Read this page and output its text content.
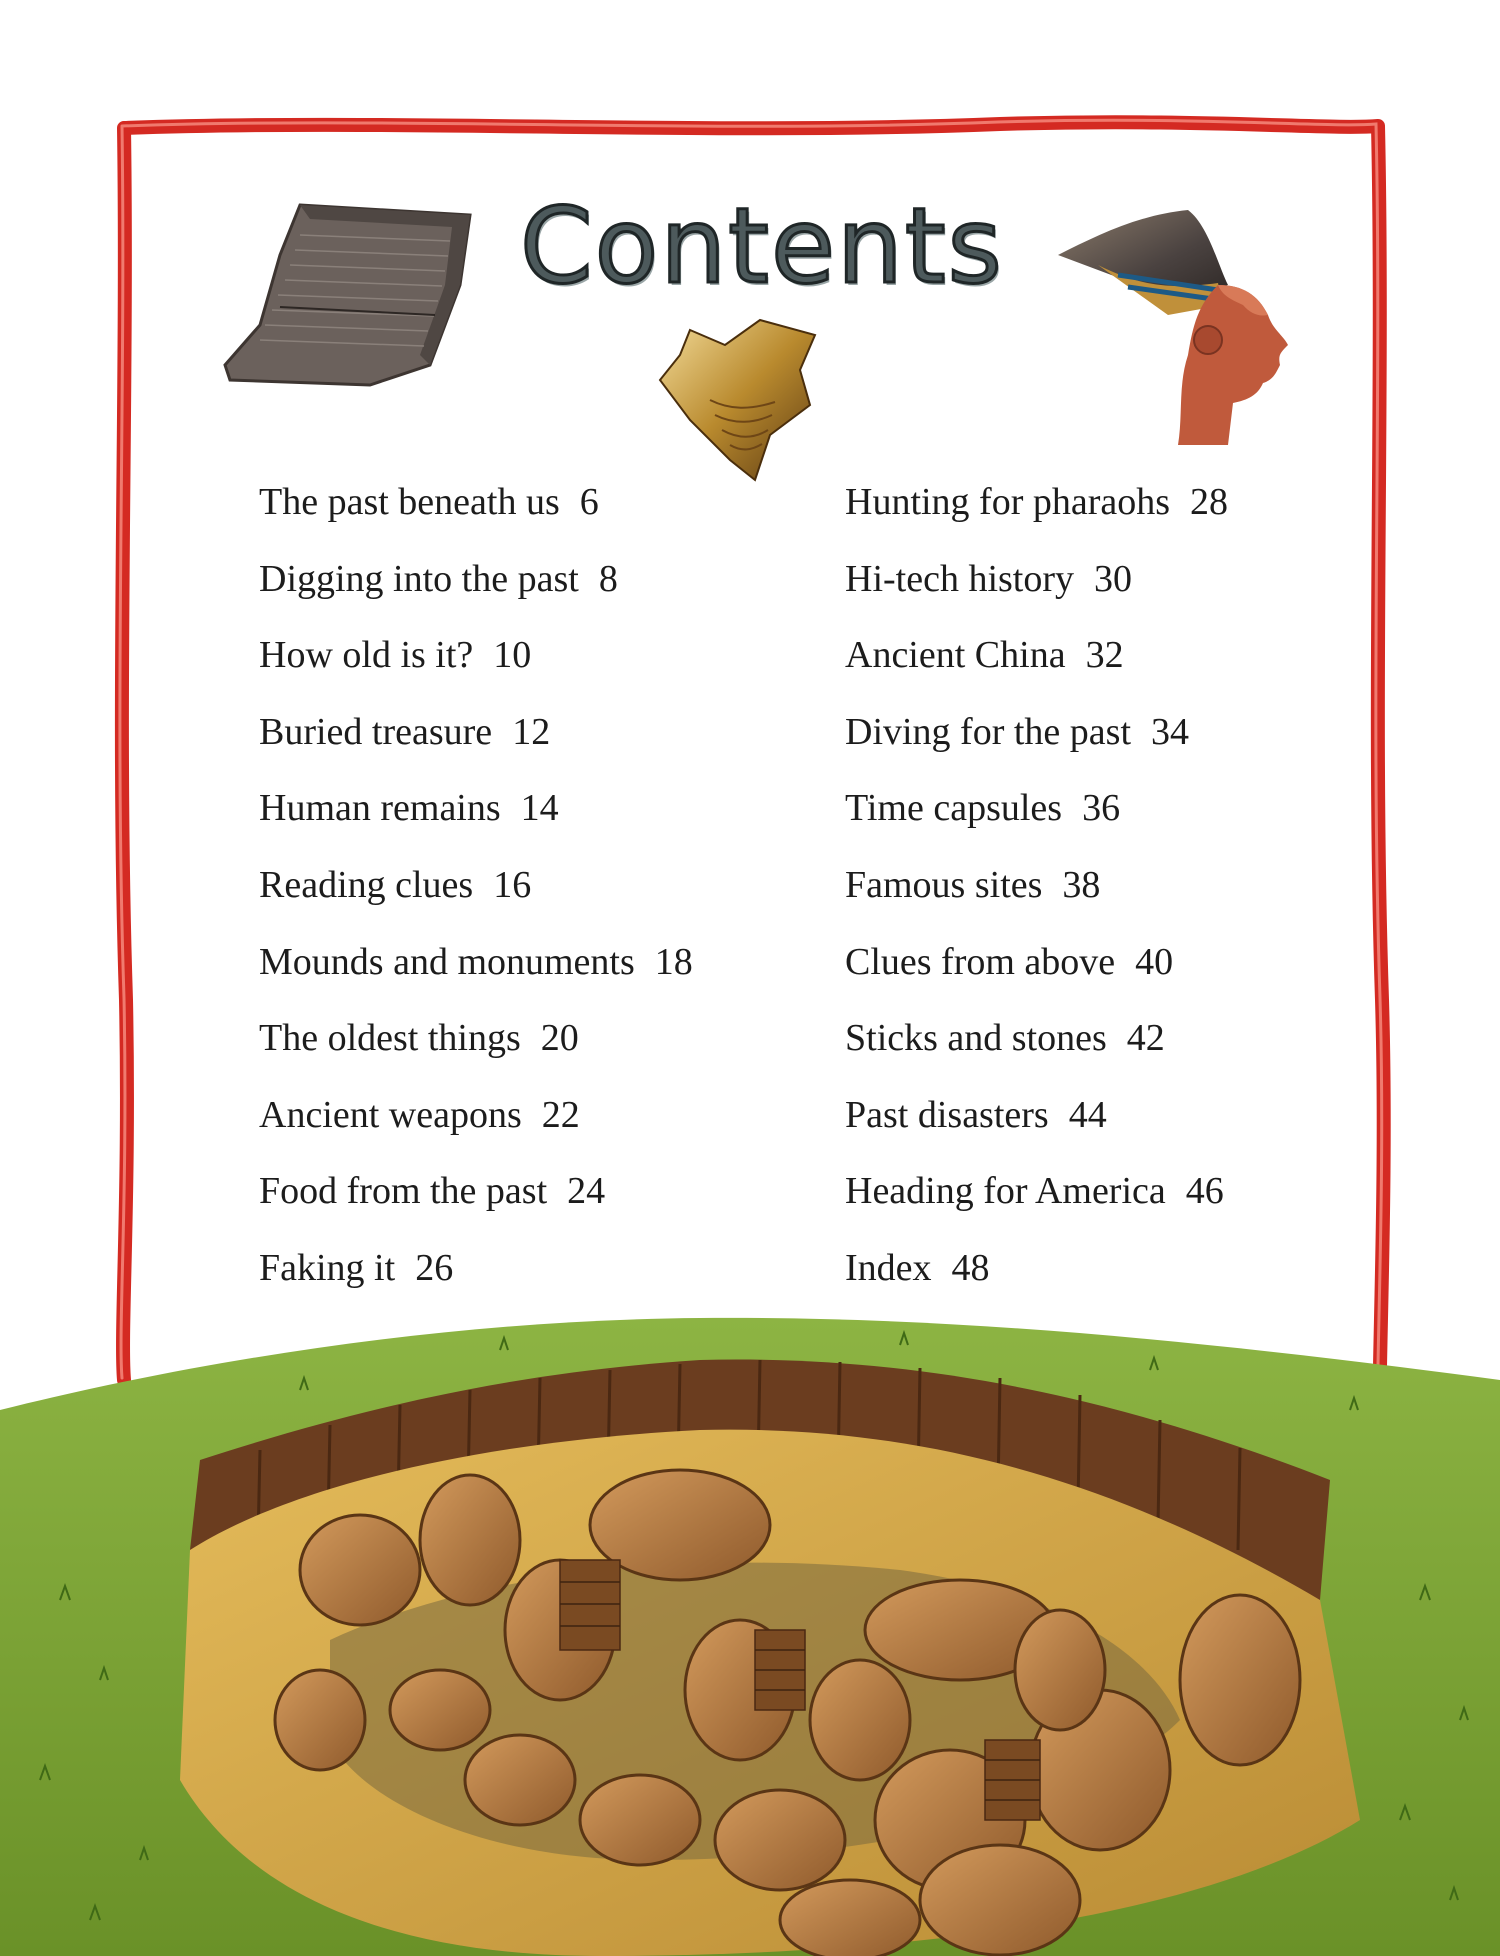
Contents
The past beneath us 6
Digging into the past 8
How old is it? 10
Buried treasure 12
Human remains 14
Reading clues 16
Mounds and monuments 18
The oldest things 20
Ancient weapons 22
Food from the past 24
Faking it 26
Hunting for pharaohs 28
Hi-tech history 30
Ancient China 32
Diving for the past 34
Time capsules 36
Famous sites 38
Clues from above 40
Sticks and stones 42
Past disasters 44
Heading for America 46
Index 48
